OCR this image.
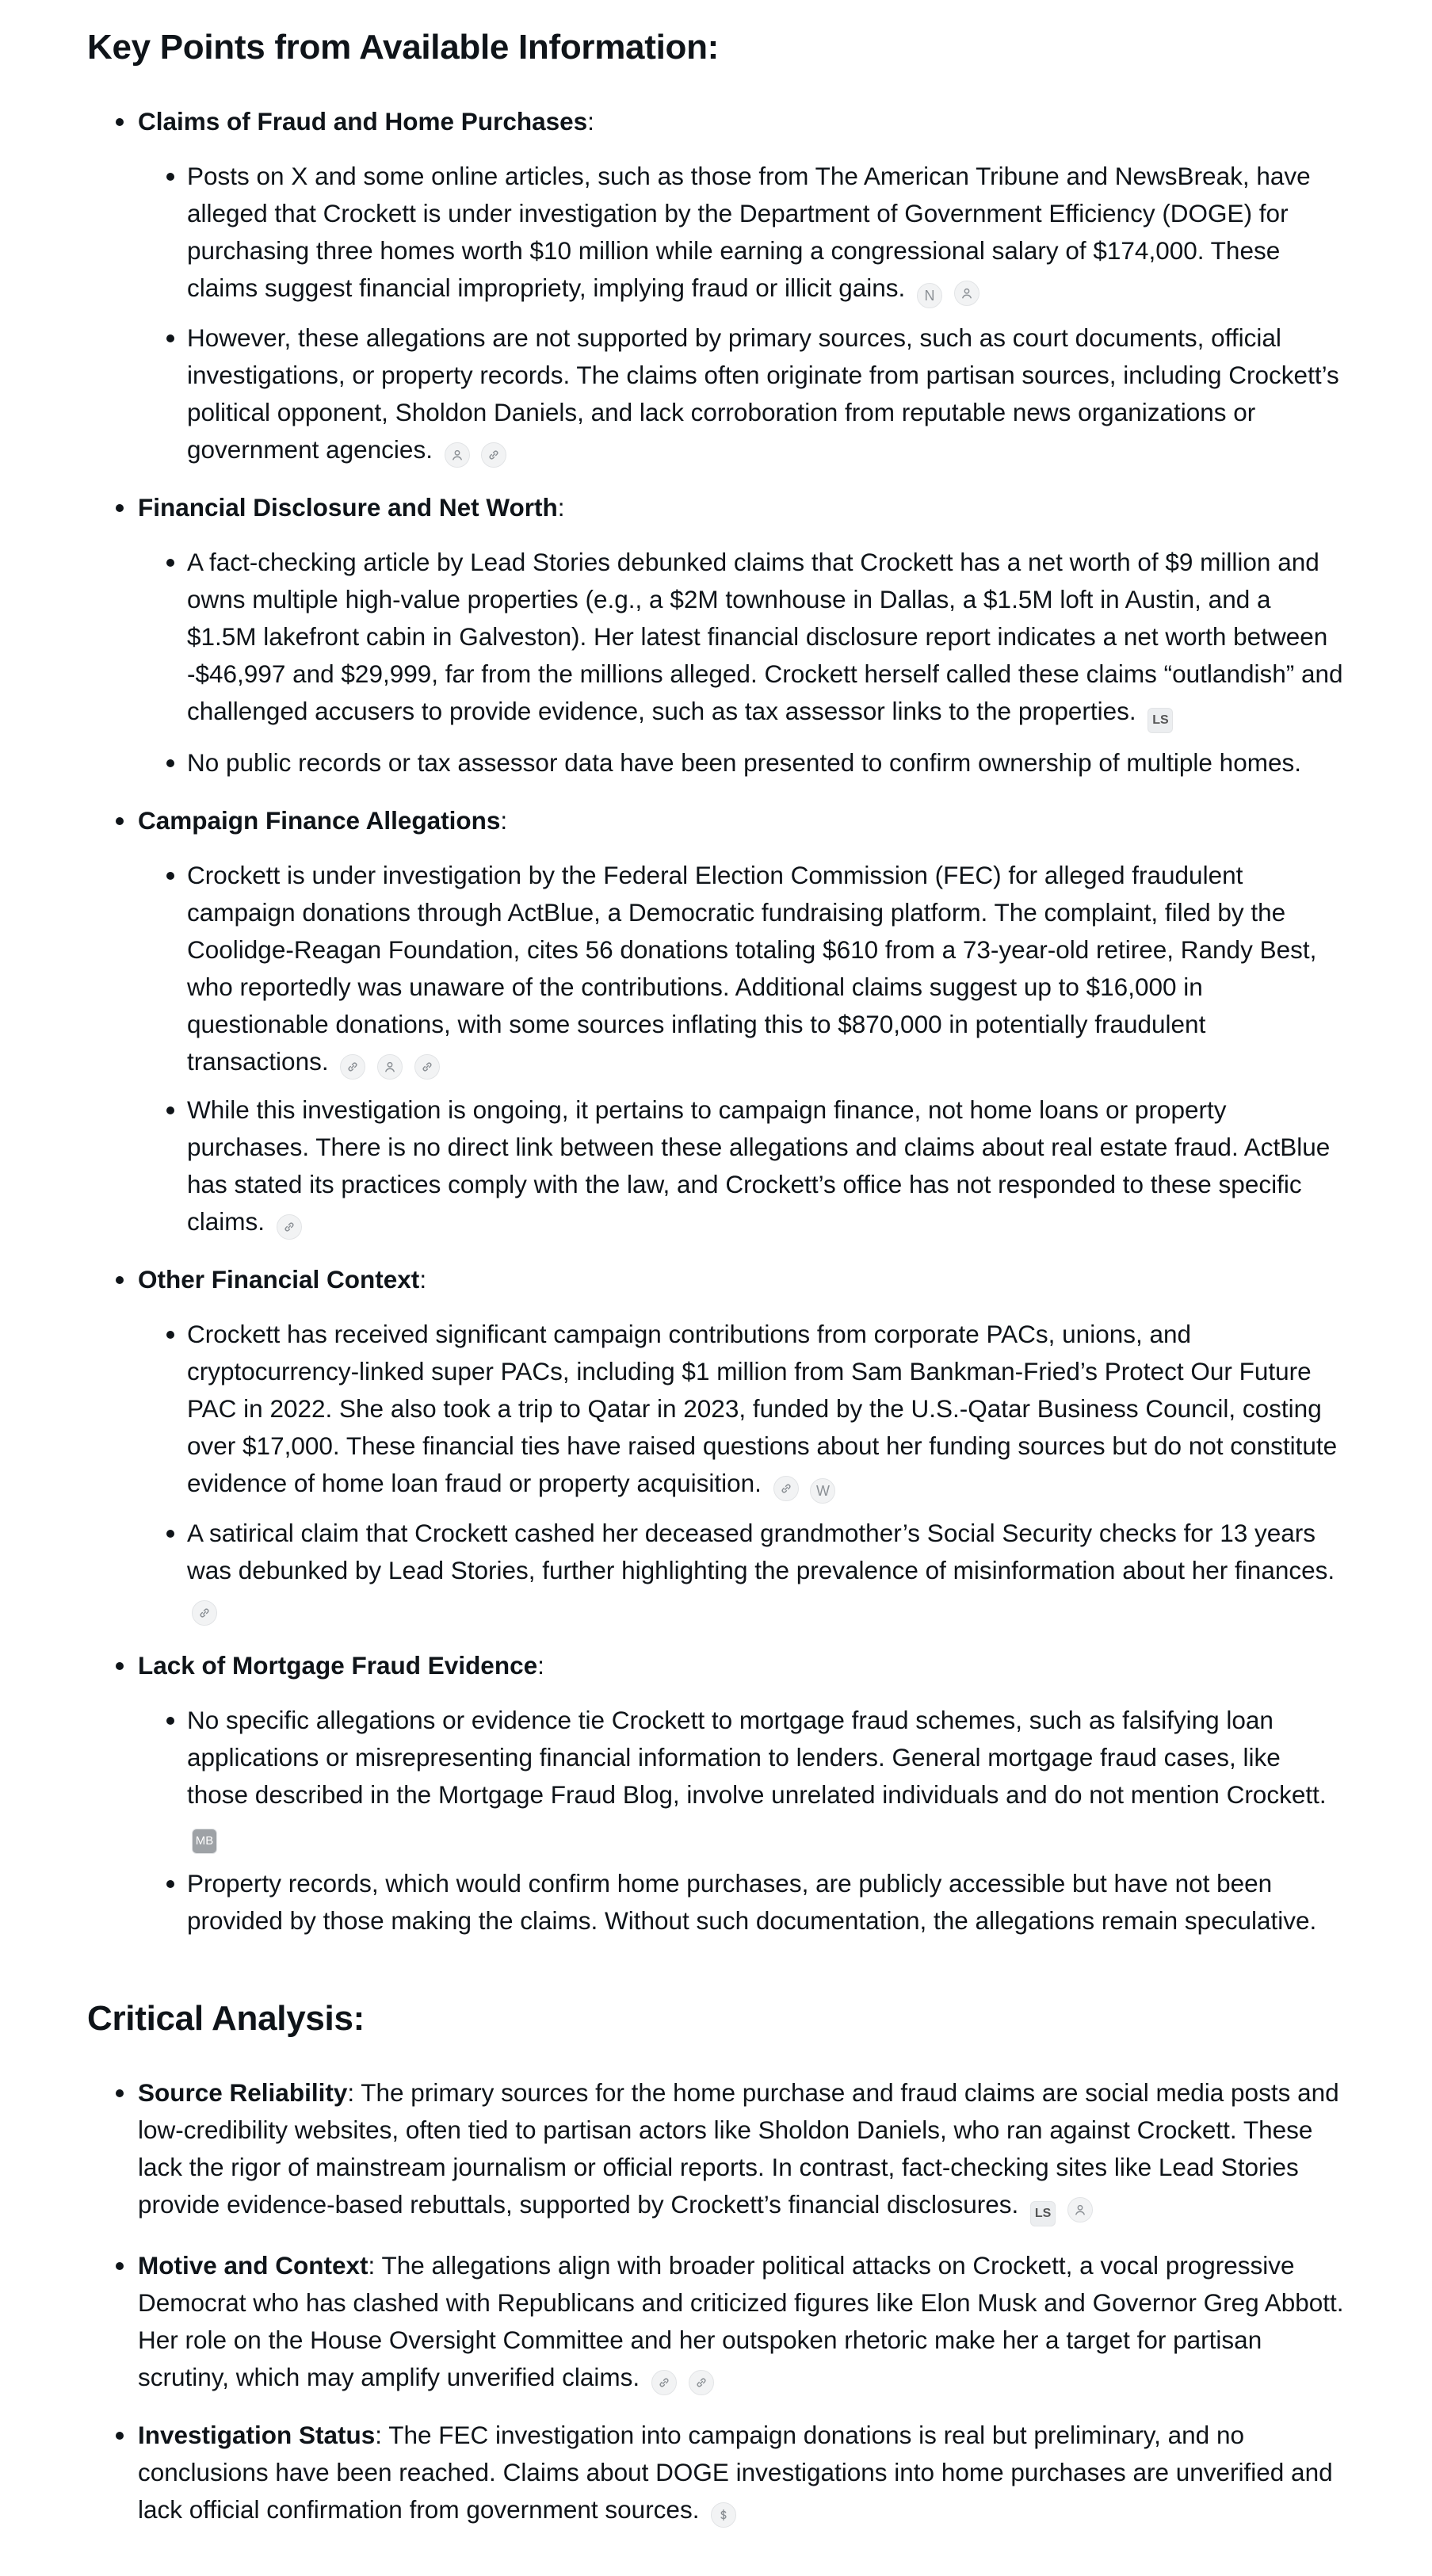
Key Points from Available Information:
Claims of Fraud and Home Purchases:
Posts on X and some online articles, such as those from The American Tribune and NewsBreak, have alleged that Crockett is under investigation by the Department of Government Efficiency (DOGE) for purchasing three homes worth $10 million while earning a congressional salary of $174,000. These claims suggest financial impropriety, implying fraud or illicit gains. N
However, these allegations are not supported by primary sources, such as court documents, official investigations, or property records. The claims often originate from partisan sources, including Crockett’s political opponent, Sholdon Daniels, and lack corroboration from reputable news organizations or government agencies.

Financial Disclosure and Net Worth:
A fact-checking article by Lead Stories debunked claims that Crockett has a net worth of $9 million and owns multiple high-value properties (e.g., a $2M townhouse in Dallas, a $1.5M loft in Austin, and a $1.5M lakefront cabin in Galveston). Her latest financial disclosure report indicates a net worth between -$46,997 and $29,999, far from the millions alleged. Crockett herself called these claims “outlandish” and challenged accusers to provide evidence, such as tax assessor links to the properties. LS
No public records or tax assessor data have been presented to confirm ownership of multiple homes.
Campaign Finance Allegations:
Crockett is under investigation by the Federal Election Commission (FEC) for alleged fraudulent campaign donations through ActBlue, a Democratic fundraising platform. The complaint, filed by the Coolidge-Reagan Foundation, cites 56 donations totaling $610 from a 73-year-old retiree, Randy Best, who reportedly was unaware of the contributions. Additional claims suggest up to $16,000 in questionable donations, with some sources inflating this to $870,000 in potentially fraudulent transactions.

While this investigation is ongoing, it pertains to campaign finance, not home loans or property purchases. There is no direct link between these allegations and claims about real estate fraud. ActBlue has stated its practices comply with the law, and Crockett’s office has not responded to these specific claims.
Other Financial Context:
Crockett has received significant campaign contributions from corporate PACs, unions, and cryptocurrency-linked super PACs, including $1 million from Sam Bankman-Fried’s Protect Our Future PAC in 2022. She also took a trip to Qatar in 2023, funded by the U.S.-Qatar Business Council, costing over $17,000. These financial ties have raised questions about her funding sources but do not constitute evidence of home loan fraud or property acquisition.	W
A satirical claim that Crockett cashed her deceased grandmother’s Social Security checks for 13 years was debunked by Lead Stories, further highlighting the prevalence of misinformation about her finances.
Lack of Mortgage Fraud Evidence:
No specific allegations or evidence tie Crockett to mortgage fraud schemes, such as falsifying loan applications or misrepresenting financial information to lenders. General mortgage fraud cases, like those described in the Mortgage Fraud Blog, involve unrelated individuals and do not mention Crockett. MB
Property records, which would confirm home purchases, are publicly accessible but have not been provided by those making the claims. Without such documentation, the allegations remain speculative.
Critical Analysis:
Source Reliability: The primary sources for the home purchase and fraud claims are social media posts and low-credibility websites, often tied to partisan actors like Sholdon Daniels, who ran against Crockett. These lack the rigor of mainstream journalism or official reports. In contrast, fact-checking sites like Lead Stories provide evidence-based rebuttals, supported by Crockett’s financial disclosures. LS
Motive and Context: The allegations align with broader political attacks on Crockett, a vocal progressive Democrat who has clashed with Republicans and criticized figures like Elon Musk and Governor Greg Abbott. Her role on the House Oversight Committee and her outspoken rhetoric make her a target for partisan scrutiny, which may amplify unverified claims.

Investigation Status: The FEC investigation into campaign donations is real but preliminary, and no conclusions have been reached. Claims about DOGE investigations into home purchases are unverified and lack official confirmation from government sources.
